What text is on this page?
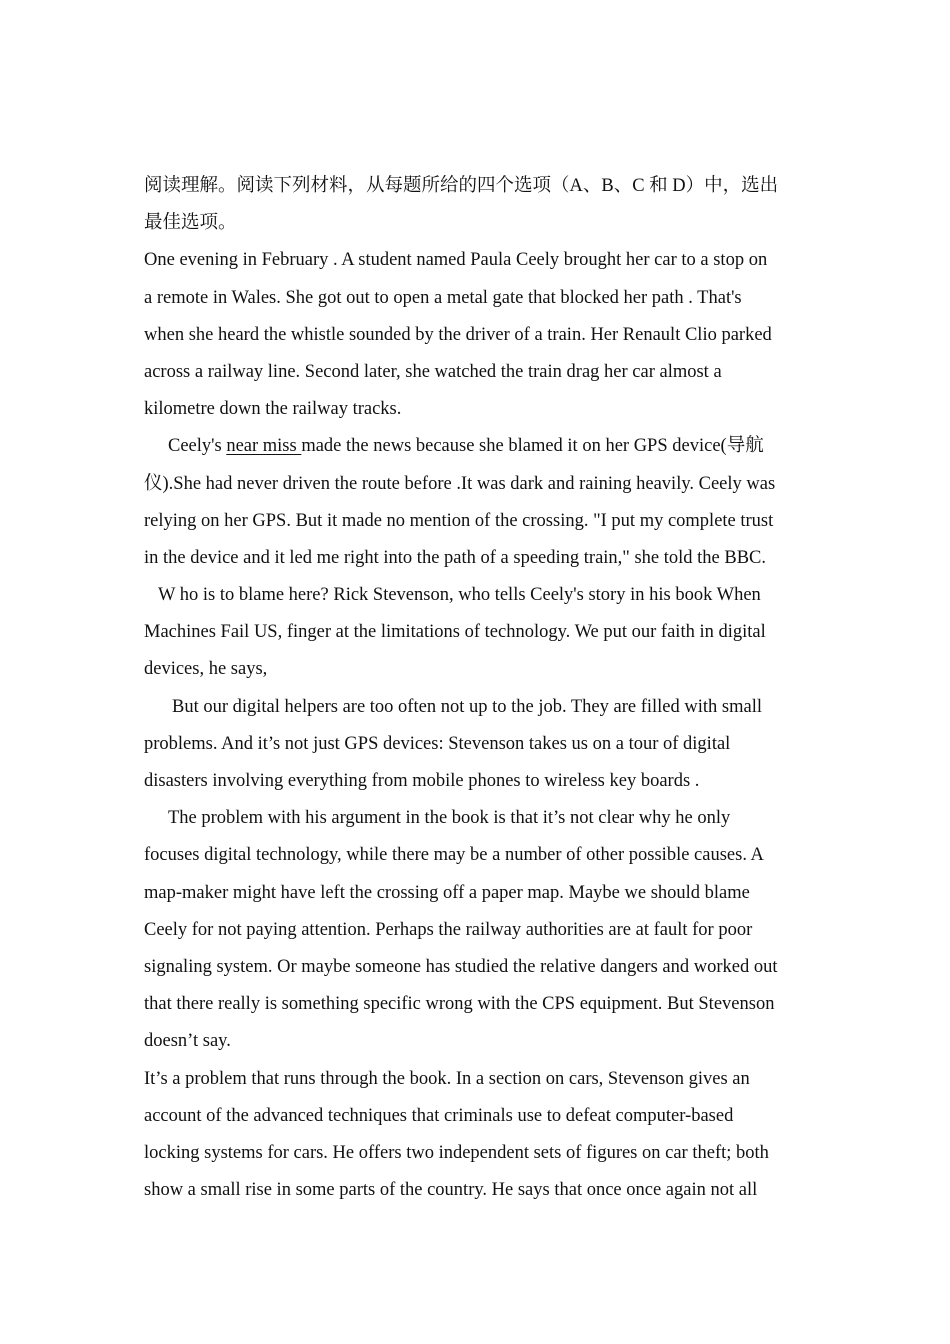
阅读理解。阅读下列材料，从每题所给的四个选项（A、B、C 和 D）中，选出
最佳选项。
One evening in February . A student named Paula Ceely brought her car to a stop on
a remote in Wales. She got out to open a metal gate that blocked her path . That's
when she heard the whistle sounded by the driver of a train. Her Renault Clio parked
across a railway line. Second later, she watched the train drag her car almost a
kilometre down the railway tracks.
Ceely's near miss made the news because she blamed it on her GPS device(导航
仪).She had never driven the route before .It was dark and raining heavily. Ceely was
relying on her GPS. But it made no mention of the crossing. "I put my complete trust
in the device and it led me right into the path of a speeding train," she told the BBC.
W ho is to blame here? Rick Stevenson, who tells Ceely's story in his book When
Machines Fail US, finger at the limitations of technology. We put our faith in digital
devices, he says,
But our digital helpers are too often not up to the job. They are filled with small
problems. And it’s not just GPS devices: Stevenson takes us on a tour of digital
disasters involving everything from mobile phones to wireless key boards .
The problem with his argument in the book is that it’s not clear why he only
focuses digital technology, while there may be a number of other possible causes. A
map-maker might have left the crossing off a paper map. Maybe we should blame
Ceely for not paying attention. Perhaps the railway authorities are at fault for poor
signaling system. Or maybe someone has studied the relative dangers and worked out
that there really is something specific wrong with the CPS equipment. But Stevenson
doesn’t say.
It’s a problem that runs through the book. In a section on cars, Stevenson gives an
account of the advanced techniques that criminals use to defeat computer-based
locking systems for cars. He offers two independent sets of figures on car theft; both
show a small rise in some parts of the country. He says that once once again not all
